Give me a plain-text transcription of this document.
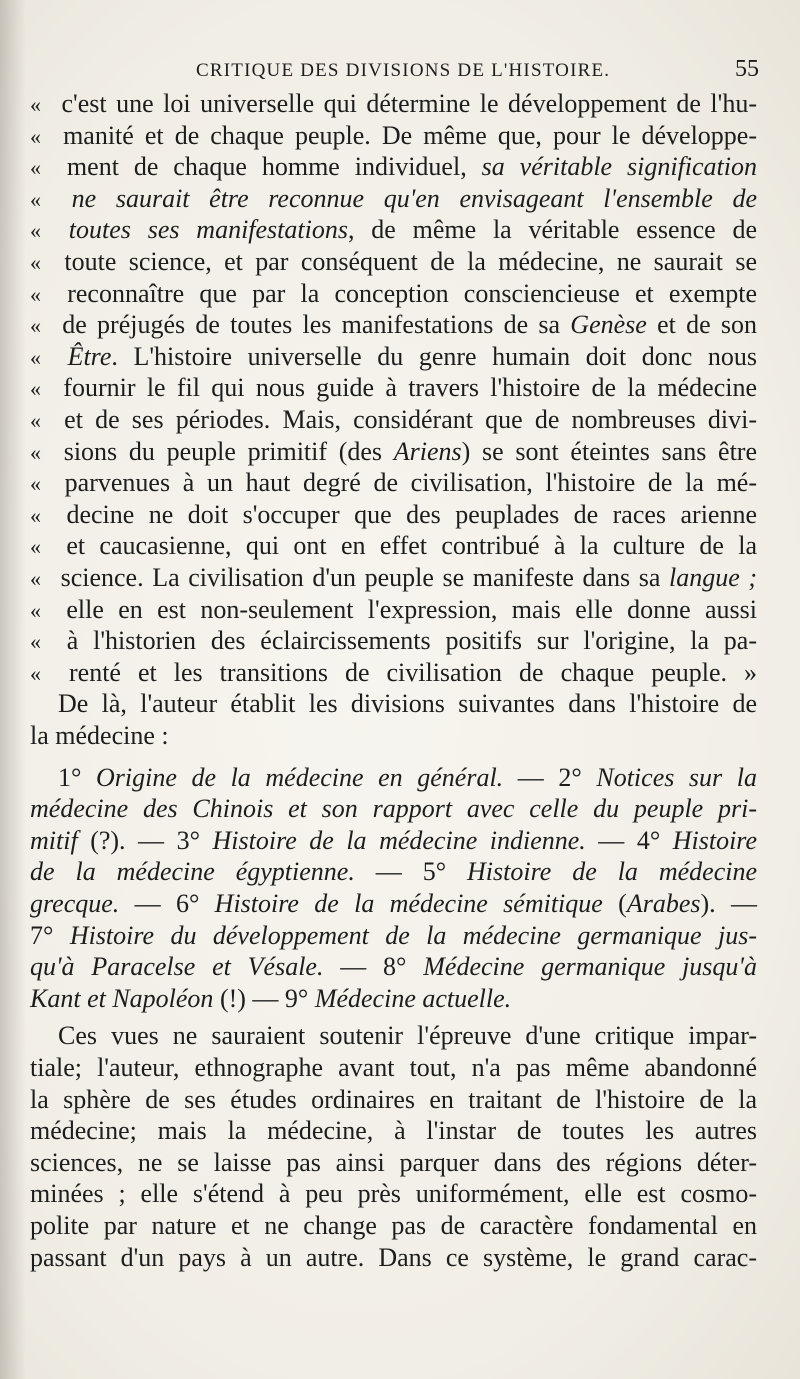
CRITIQUE DES DIVISIONS DE L'HISTOIRE.	55
« c'est une loi universelle qui détermine le développement de l'hu-
« manité et de chaque peuple. De même que, pour le développe-
« ment de chaque homme individuel, sa véritable signification
« ne saurait être reconnue qu'en envisageant l'ensemble de
« toutes ses manifestations, de même la véritable essence de
« toute science, et par conséquent de la médecine, ne saurait se
« reconnaître que par la conception consciencieuse et exempte
« de préjugés de toutes les manifestations de sa Genèse et de son
« Être. L'histoire universelle du genre humain doit donc nous
« fournir le fil qui nous guide à travers l'histoire de la médecine
« et de ses périodes. Mais, considérant que de nombreuses divi-
« sions du peuple primitif (des Ariens) se sont éteintes sans être
« parvenues à un haut degré de civilisation, l'histoire de la mé-
« decine ne doit s'occuper que des peuplades de races arienne
« et caucasienne, qui ont en effet contribué à la culture de la
« science. La civilisation d'un peuple se manifeste dans sa langue ;
« elle en est non-seulement l'expression, mais elle donne aussi
« à l'historien des éclaircissements positifs sur l'origine, la pa-
« renté et les transitions de civilisation de chaque peuple. »
De là, l'auteur établit les divisions suivantes dans l'histoire de
la médecine :
1° Origine de la médecine en général. — 2° Notices sur la
médecine des Chinois et son rapport avec celle du peuple pri-
mitif (?). — 3° Histoire de la médecine indienne. — 4° Histoire
de la médecine égyptienne. — 5° Histoire de la médecine
grecque. — 6° Histoire de la médecine sémitique (Arabes). —
7° Histoire du développement de la médecine germanique jus-
qu'à Paracelse et Vésale. — 8° Médecine germanique jusqu'à
Kant et Napoléon (!) — 9° Médecine actuelle.
Ces vues ne sauraient soutenir l'épreuve d'une critique impar-
tiale; l'auteur, ethnographe avant tout, n'a pas même abandonné
la sphère de ses études ordinaires en traitant de l'histoire de la
médecine; mais la médecine, à l'instar de toutes les autres
sciences, ne se laisse pas ainsi parquer dans des régions déter-
minées ; elle s'étend à peu près uniformément, elle est cosmo-
polite par nature et ne change pas de caractère fondamental en
passant d'un pays à un autre. Dans ce système, le grand carac-
